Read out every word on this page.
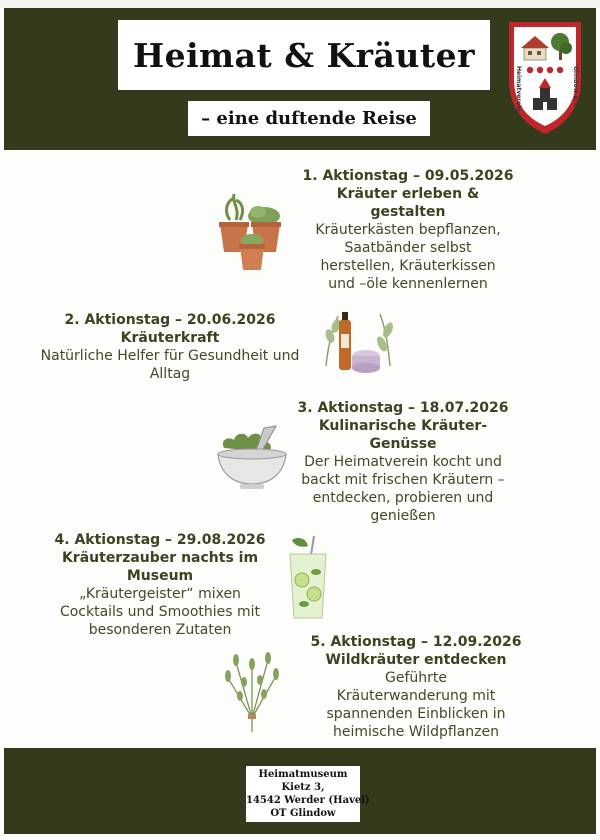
Heimat & Kräuter
– eine duftende Reise
Heimatverein	Glindow e.V.
1. Aktionstag – 09.05.2026
Kräuter erleben &
gestalten
Kräuterkästen bepflanzen,
Saatbänder selbst
herstellen, Kräuterkissen
und –öle kennenlernen
2. Aktionstag – 20.06.2026
Kräuterkraft
Natürliche Helfer für Gesundheit und
Alltag
3. Aktionstag – 18.07.2026
Kulinarische Kräuter-
Genüsse
Der Heimatverein kocht und
backt mit frischen Kräutern –
entdecken, probieren und
genießen
4. Aktionstag – 29.08.2026
Kräuterzauber nachts im
Museum
„Kräutergeister“ mixen
Cocktails und Smoothies mit
besonderen Zutaten
5. Aktionstag – 12.09.2026
Wildkräuter entdecken
Geführte
Kräuterwanderung mit
spannenden Einblicken in
heimische Wildpflanzen
Heimatmuseum
Kietz 3,
14542 Werder (Havel)
OT Glindow
